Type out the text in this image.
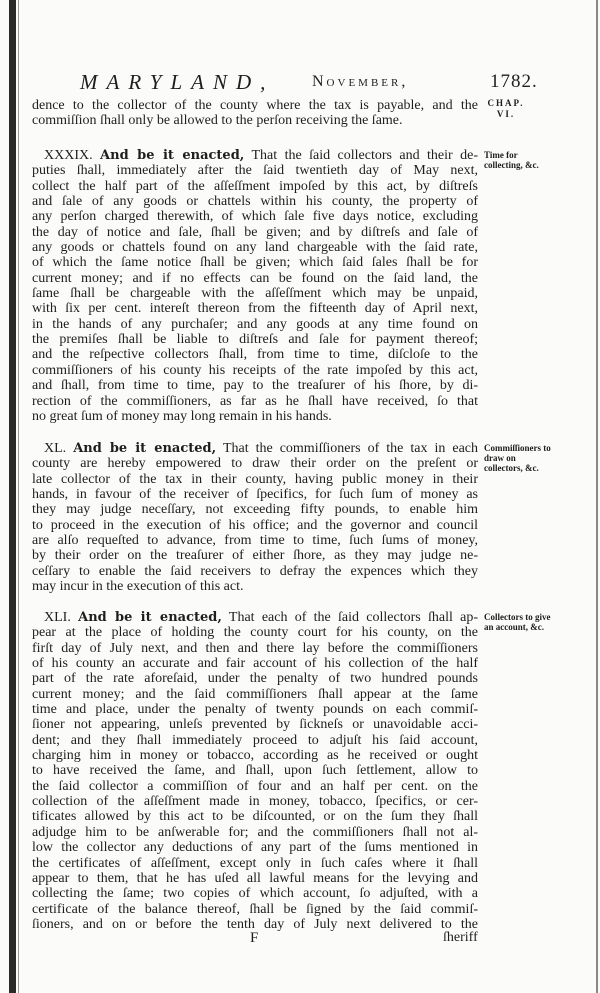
MARYLAND, November,	1782.
CHAP.
VI.
dence to the collector of the county where the tax is payable, and the
commiſſion ſhall only be allowed to the perſon receiving the ſame.
XXXIX. And be it enacted, That the ſaid collectors and their de-
puties ſhall, immediately after the ſaid twentieth day of May next,
collect the half part of the aſſeſſment impoſed by this act, by diſtreſs
and ſale of any goods or chattels within his county, the property of
any perſon charged therewith, of which ſale five days notice, excluding
the day of notice and ſale, ſhall be given; and by diſtreſs and ſale of
any goods or chattels found on any land chargeable with the ſaid rate,
of which the ſame notice ſhall be given; which ſaid ſales ſhall be for
current money; and if no effects can be found on the ſaid land, the
ſame ſhall be chargeable with the aſſeſſment which may be unpaid,
with ſix per cent. intereſt thereon from the fifteenth day of April next,
in the hands of any purchaſer; and any goods at any time found on
the premiſes ſhall be liable to diſtreſs and ſale for payment thereof;
and the reſpective collectors ſhall, from time to time, diſcloſe to the
commiſſioners of his county his receipts of the rate impoſed by this act,
and ſhall, from time to time, pay to the treaſurer of his ſhore, by di-
rection of the commiſſioners, as far as he ſhall have received, ſo that
no great ſum of money may long remain in his hands.
Time for collecting, &c.
XL. And be it enacted, That the commiſſioners of the tax in each
county are hereby empowered to draw their order on the preſent or
late collector of the tax in their county, having public money in their
hands, in favour of the receiver of ſpecifics, for ſuch ſum of money as
they may judge neceſſary, not exceeding fifty pounds, to enable him
to proceed in the execution of his office; and the governor and council
are alſo requeſted to advance, from time to time, ſuch ſums of money,
by their order on the treaſurer of either ſhore, as they may judge ne-
ceſſary to enable the ſaid receivers to defray the expences which they
may incur in the execution of this act.
Commiſſioners to draw on collectors, &c.
XLI. And be it enacted, That each of the ſaid collectors ſhall ap-
pear at the place of holding the county court for his county, on the
firſt day of July next, and then and there lay before the commiſſioners
of his county an accurate and fair account of his collection of the half
part of the rate aforeſaid, under the penalty of two hundred pounds
current money; and the ſaid commiſſioners ſhall appear at the ſame
time and place, under the penalty of twenty pounds on each commiſ-
ſioner not appearing, unleſs prevented by ſickneſs or unavoidable acci-
dent; and they ſhall immediately proceed to adjuſt his ſaid account,
charging him in money or tobacco, according as he received or ought
to have received the ſame, and ſhall, upon ſuch ſettlement, allow to
the ſaid collector a commiſſion of four and an half per cent. on the
collection of the aſſeſſment made in money, tobacco, ſpecifics, or cer-
tificates allowed by this act to be diſcounted, or on the ſum they ſhall
adjudge him to be anſwerable for; and the commiſſioners ſhall not al-
low the collector any deductions of any part of the ſums mentioned in
the certificates of aſſeſſment, except only in ſuch caſes where it ſhall
appear to them, that he has uſed all lawful means for the levying and
collecting the ſame; two copies of which account, ſo adjuſted, with a
certificate of the balance thereof, ſhall be ſigned by the ſaid commiſ-
ſioners, and on or before the tenth day of July next delivered to the
Collectors to give an account, &c.
F	ſheriff
